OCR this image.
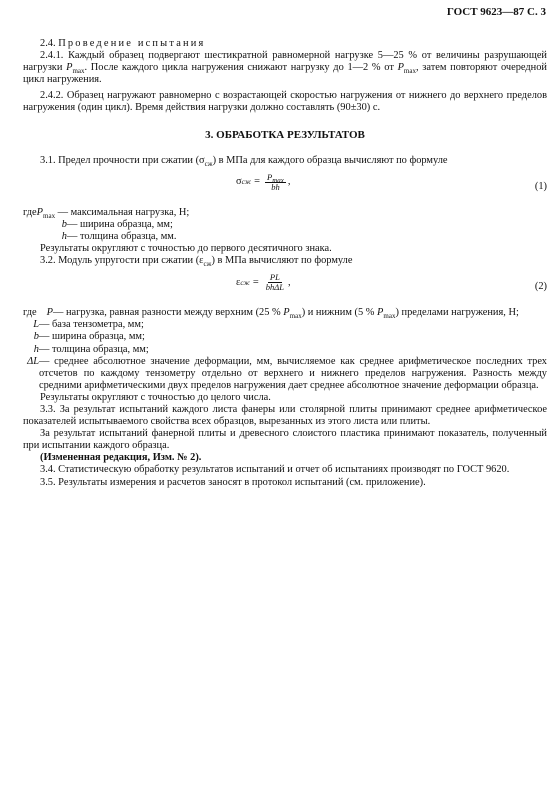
ГОСТ 9623—87 С. 3

2.4. Проведение испытания

2.4.1. Каждый образец подвергают шестикратной равномерной нагрузке 5—25 % от величины разрушающей нагрузки $P_{max}$. После каждого цикла нагружения снижают нагрузку до 1—2 % от $P_{max}$, затем повторяют очередной цикл нагружения.

2.4.2. Образец нагружают равномерно с возрастающей скоростью нагружения от нижнего до верхнего пределов нагружения (один цикл). Время действия нагрузки должно составлять (90±30) с.

3. ОБРАБОТКА РЕЗУЛЬТАТОВ

3.1. Предел прочности при сжатии $(\sigma_{сж})$ в МПа для каждого образца вычисляют по формуле

σ сж = $\frac{P_{max}}{bh}$ ,	(1)
где $P_{max}$ — максимальная нагрузка, Н;
b — ширина образца, мм;
h — толщина образца, мм.

Результаты округляют с точностью до первого десятичного знака.

3.2. Модуль упругости при сжатии $(\varepsilon_{сж})$ в МПа вычисляют по формуле

ε сж = $\frac{PL}{\text{bhΔL}}$ ,	(2)
где P — нагрузка, равная разности между верхним (25 % $P_{max}$) и нижним (5 % $P_{max}$) пределами нагружения, Н;
L — база тензометра, мм;
b — ширина образца, мм;
h — толщина образца, мм;
ΔL — среднее абсолютное значение деформации, мм, вычисляемое как среднее арифметическое последних трех отсчетов по каждому тензометру отдельно от верхнего и нижнего пределов нагружения. Разность между средними арифметическими двух пределов нагружения дает среднее абсолютное значение деформации образца.

Результаты округляют с точностью до целого числа.

3.3. За результат испытаний каждого листа фанеры или столярной плиты принимают среднее арифметическое показателей испытываемого свойства всех образцов, вырезанных из этого листа или плиты.

За результат испытаний фанерной плиты и древесного слоистого пластика принимают показатель, полученный при испытании каждого образца.

(Измененная редакция, Изм. № 2).

3.4. Статистическую обработку результатов испытаний и отчет об испытаниях производят по ГОСТ 9620.

3.5. Результаты измерения и расчетов заносят в протокол испытаний (см. приложение).
